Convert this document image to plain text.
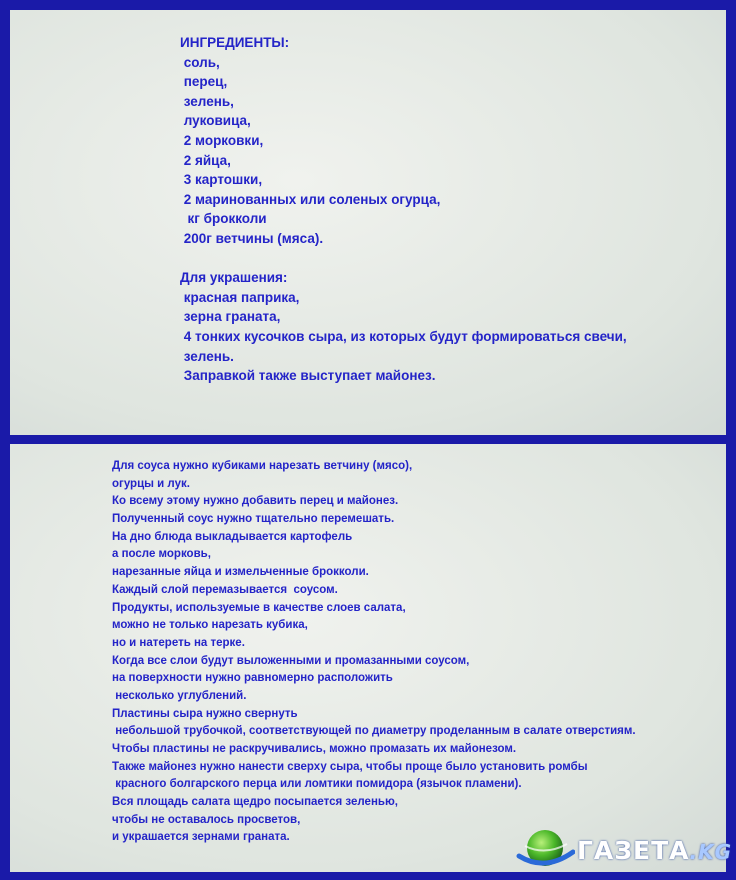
ИНГРЕДИЕНТЫ:
соль,
перец,
зелень,
луковица,
2 морковки,
2 яйца,
3 картошки,
2 маринованных или соленых огурца,
кг брокколи
200г ветчины (мяса).

Для украшения:
красная паприка,
зерна граната,
4 тонких кусочков сыра, из которых будут формироваться свечи,
зелень.
Заправкой также выступает майонез.
Для соуса нужно кубиками нарезать ветчину (мясо),
огурцы и лук.
Ко всему этому нужно добавить перец и майонез.
Полученный соус нужно тщательно перемешать.
На дно блюда выкладывается картофель
а после морковь,
нарезанные яйца и измельченные брокколи.
Каждый слой перемазывается  соусом.
Продукты, используемые в качестве слоев салата,
можно не только нарезать кубика,
но и натереть на терке.
Когда все слои будут выложенными и промазанными соусом,
на поверхности нужно равномерно расположить
несколько углублений.
Пластины сыра нужно свернуть
небольшой трубочкой, соответствующей по диаметру проделанным в салате отверстиям.
Чтобы пластины не раскручивались, можно промазать их майонезом.
Также майонез нужно нанести сверху сыра, чтобы проще было установить ромбы
красного болгарского перца или ломтики помидора (язычок пламени).
Вся площадь салата щедро посыпается зеленью,
чтобы не оставалось просветов,
и украшается зернами граната.	ГАЗЕТА.KG
